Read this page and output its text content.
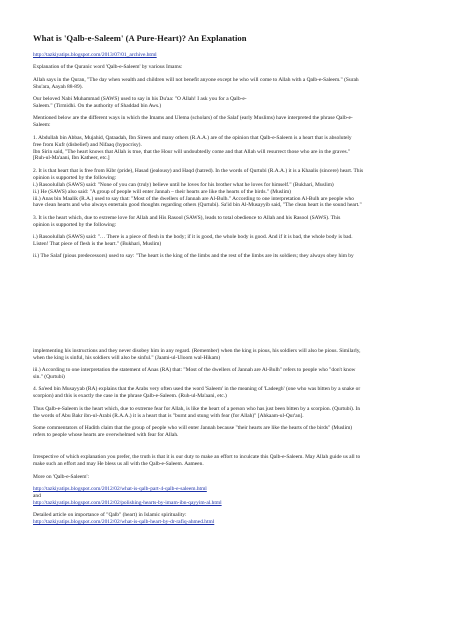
What is 'Qalb-e-Saleem' (A Pure-Heart)? An Explanation

http://tazkiyatips.blogspot.com/2013/07/01_archive.html

Explanation of the Quranic word 'Qalb-e-Saleem' by various Imams:

Allah says in the Quran, "The day when wealth and children will not benefit anyone except he who will come to Allah with a Qalb-e-Saleem." (Surah
Shu'ara, Aayah 88-89).

Our beloved Nabi Muhammad (SAWS) used to say in his Du'aa: "O Allah! I ask you for a Qalb-e-
Saleem." (Tirmidhi. On the authority of Shaddad bin Aws.)

Mentioned below are the different ways in which the Imams and Ulema (scholars) of the Salaf (early Muslims) have interpreted the phrase Qalb-e-
Saleem:

1. Abdullah bin Abbas, Mujahid, Qataadah, Ibn Sireen and many others (R.A.A.) are of the opinion that Qalb-e-Saleem is a heart that is absolutely
free from Kufr (disbelief) and Nifaaq (hypocrisy).
Ibn Sirin said, "The heart knows that Allah is true, that the Hour will undoubtedly come and that Allah will resurrect those who are in the graves."
[Ruh-ul-Ma'aani, Ibn Katheer, etc.]

2. It is that heart that is free from Kibr (pride), Hasad (jealousy) and Haqd (hatred). In the words of Qurtubi (R.A.A.) it is a Khaalis (sincere) heart. This
opinion is supported by the following:
i.) Rasoolullah (SAWS) said: "None of you can (truly) believe until he loves for his brother what he loves for himself." (Bukhari, Muslim)
ii.) He (SAWS) also said: "A group of people will enter Jannah – their hearts are like the hearts of the birds." (Muslim)
iii.) Anas bin Maalik (R.A.) used to say that: "Most of the dwellers of Jannah are Al-Bulh." According to one interpretation Al-Bulh are people who
have clean hearts and who always entertain good thoughts regarding others (Qurtubi). Sa'id bin Al-Musayyib said, "The clean heart is the sound heart."

3. It is the heart which, due to extreme love for Allah and His Rasool (SAWS), leads to total obedience to Allah and his Rasool (SAWS). This
opinion is supported by the following:

i.) Rasoolullah (SAWS) said: "… There is a piece of flesh in the body; if it is good, the whole body is good. And if it is bad, the whole body is bad.
Listen! That piece of flesh is the heart." (Bukhari, Muslim)

ii.) The Salaf (pious predecessors) used to say: "The heart is the king of the limbs and the rest of the limbs are its soldiers; they always obey him by

implementing his instructions and they never disobey him in any regard. (Remember) when the king is pious, his soldiers will also be pious. Similarly,
when the king is sinful, his soldiers will also be sinful." (Jaami-ul-Uloom wal-Hikam)

iii.) According to one interpretation the statement of Anas (RA) that: "Most of the dwellers of Jannah are Al-Bulh" refers to people who "don't know
sin." (Qurtubi)

4. Sa'eed bin Musayyab (RA) explains that the Arabs very often used the word 'Saleem' in the meaning of 'Ladeegh' (one who was bitten by a snake or
scorpion) and this is exactly the case in the phrase Qalb-e-Saleem. (Ruh-ul-Ma'aani, etc.)

Thus Qalb-e-Saleem is the heart which, due to extreme fear for Allah, is like the heart of a person who has just been bitten by a scorpion. (Qurtubi). In
the words of Abu Bakr ibn-ul-Arabi (R.A.A.) it is a heart that is "burnt and stung with fear (for Allah)" [Ahkaam-ul-Qur'an].

Some commentators of Hadith claim that the group of people who will enter Jannah because "their hearts are like the hearts of the birds" (Muslim)
refers to people whose hearts are overwhelmed with fear for Allah.

Irrespective of which explanation you prefer, the truth is that it is our duty to make an effort to inculcate this Qalb-e-Saleem. May Allah guide us all to
make such an effort and may He bless us all with the Qalb-e-Saleem. Aameen.

More on 'Qalb-e-Saleem':

http://tazkiyatips.blogspot.com/2012/02/what-is-qalb-part-4-qalb-e-saleem.html
and
http://tazkiyatips.blogspot.com/2012/02/polishing-hearts-by-imam-ibn-qayyim-al.html

Detailed article on importance of "Qalb" (heart) in Islamic spirituality:
http://tazkiyatips.blogspot.com/2012/02/what-is-qalb-heart-by-dr-rafiq-ahmed.html
